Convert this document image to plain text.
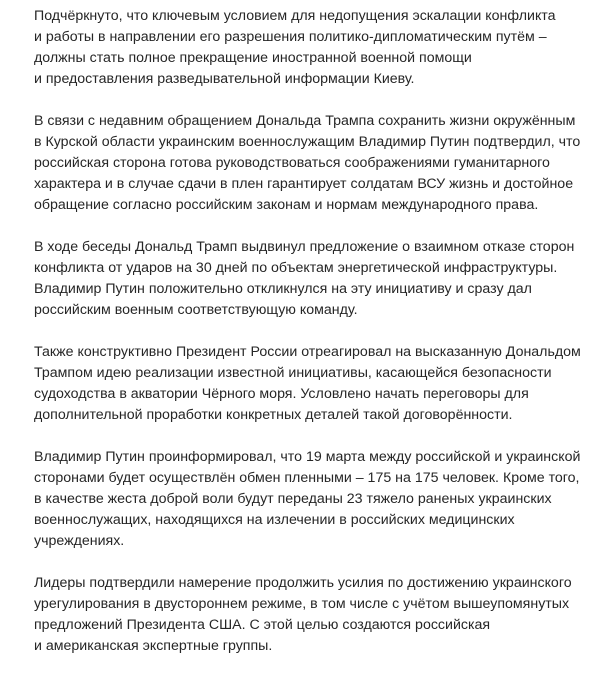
Подчёркнуто, что ключевым условием для недопущения эскалации конфликта
и работы в направлении его разрешения политико-дипломатическим путём –
должны стать полное прекращение иностранной военной помощи
и предоставления разведывательной информации Киеву.

В связи с недавним обращением Дональда Трампа сохранить жизни окружённым
в Курской области украинским военнослужащим Владимир Путин подтвердил, что
российская сторона готова руководствоваться соображениями гуманитарного
характера и в случае сдачи в плен гарантирует солдатам ВСУ жизнь и достойное
обращение согласно российским законам и нормам международного права.

В ходе беседы Дональд Трамп выдвинул предложение о взаимном отказе сторон
конфликта от ударов на 30 дней по объектам энергетической инфраструктуры.
Владимир Путин положительно откликнулся на эту инициативу и сразу дал
российским военным соответствующую команду.

Также конструктивно Президент России отреагировал на высказанную Дональдом
Трампом идею реализации известной инициативы, касающейся безопасности
судоходства в акватории Чёрного моря. Условлено начать переговоры для
дополнительной проработки конкретных деталей такой договорённости.

Владимир Путин проинформировал, что 19 марта между российской и украинской
сторонами будет осуществлён обмен пленными – 175 на 175 человек. Кроме того,
в качестве жеста доброй воли будут переданы 23 тяжело раненых украинских
военнослужащих, находящихся на излечении в российских медицинских
учреждениях.

Лидеры подтвердили намерение продолжить усилия по достижению украинского
урегулирования в двустороннем режиме, в том числе с учётом вышеупомянутых
предложений Президента США. С этой целью создаются российская
и американская экспертные группы.
